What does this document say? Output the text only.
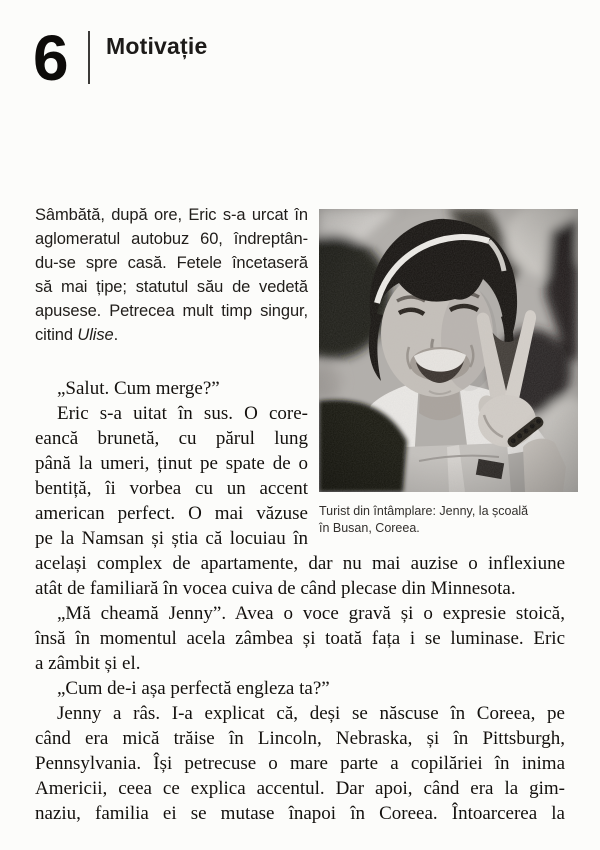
6 Motivație
Turist din întâmplare: Jenny, la școală
în Busan, Coreea.
Sâmbătă, după ore, Eric s-a urcat în
aglomeratul autobuz 60, îndreptân-
du-se spre casă. Fetele încetaseră
să mai țipe; statutul său de vedetă
apusese. Petrecea mult timp singur,
citind Ulise.
„Salut. Cum merge?”
Eric s-a uitat în sus. O core-
eancă brunetă, cu părul lung
până la umeri, ținut pe spate de o
bentiță, îi vorbea cu un accent
american perfect. O mai văzuse
pe la Namsan și știa că locuiau în
același complex de apartamente, dar nu mai auzise o inflexiune
atât de familiară în vocea cuiva de când plecase din Minnesota.
„Mă cheamă Jenny”. Avea o voce gravă și o expresie stoică,
însă în momentul acela zâmbea și toată fața i se luminase. Eric
a zâmbit și el.
„Cum de-i așa perfectă engleza ta?”
Jenny a râs. I-a explicat că, deși se născuse în Coreea, pe
când era mică trăise în Lincoln, Nebraska, și în Pittsburgh,
Pennsylvania. Își petrecuse o mare parte a copilăriei în inima
Americii, ceea ce explica accentul. Dar apoi, când era la gim-
naziu, familia ei se mutase înapoi în Coreea. Întoarcerea la
